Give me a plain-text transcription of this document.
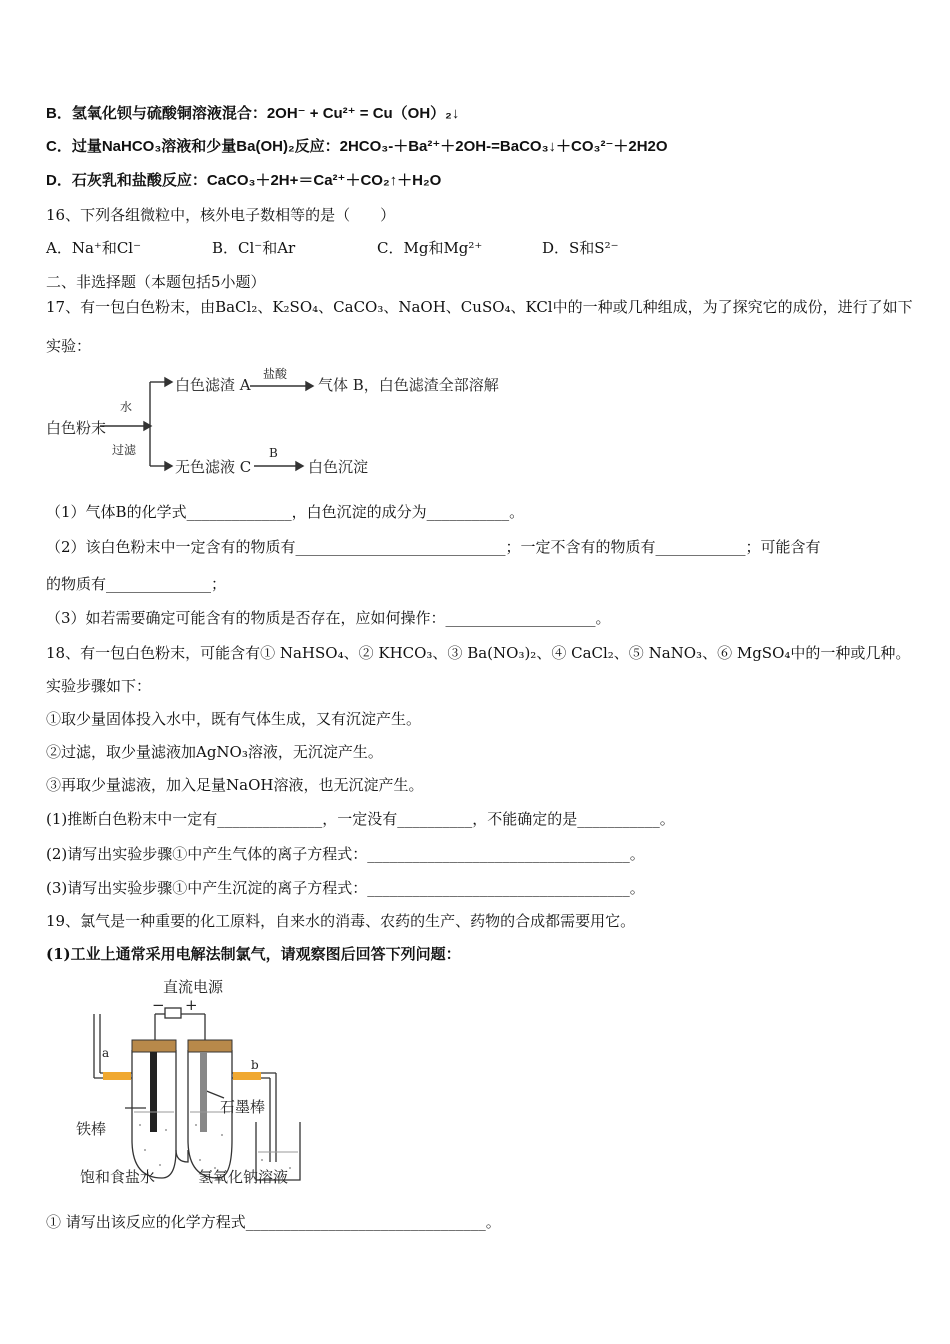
B．氢氧化钡与硫酸铜溶液混合：2OH⁻ + Cu²⁺ = Cu（OH）₂↓
C．过量NaHCO₃溶液和少量Ba(OH)₂反应：2HCO₃-＋Ba²⁺＋2OH-=BaCO₃↓＋CO₃²⁻＋2H2O
D．石灰乳和盐酸反应：CaCO₃＋2H+＝Ca²⁺＋CO₂↑＋H₂O
16、下列各组微粒中，核外电子数相等的是（　　）
A．Na⁺和Cl⁻	B．Cl⁻和Ar	C．Mg和Mg²⁺	D．S和S²⁻
二、非选择题（本题包括5小题）
17、有一包白色粉末，由BaCl₂、K₂SO₄、CaCO₃、NaOH、CuSO₄、KCl中的一种或几种组成，为了探究它的成份，进行了如下
实验：
白色粉末
水
过滤
白色滤渣 A
盐酸
气体 B，白色滤渣全部溶解
无色滤液 C
B
白色沉淀
（1）气体B的化学式______________，白色沉淀的成分为___________。
（2）该白色粉末中一定含有的物质有____________________________；一定不含有的物质有____________；可能含有
的物质有______________；
（3）如若需要确定可能含有的物质是否存在，应如何操作：____________________。
18、有一包白色粉末，可能含有① NaHSO₄、② KHCO₃、③ Ba(NO₃)₂、④ CaCl₂、⑤ NaNO₃、⑥ MgSO₄中的一种或几种。
实验步骤如下：
①取少量固体投入水中，既有气体生成，又有沉淀产生。
②过滤，取少量滤液加AgNO₃溶液，无沉淀产生。
③再取少量滤液，加入足量NaOH溶液，也无沉淀产生。
(1)推断白色粉末中一定有______________，一定没有__________，不能确定的是___________。
(2)请写出实验步骤①中产生气体的离子方程式：___________________________________。
(3)请写出实验步骤①中产生沉淀的离子方程式：___________________________________。
19、氯气是一种重要的化工原料，自来水的消毒、农药的生产、药物的合成都需要用它。
(1)工业上通常采用电解法制氯气，请观察图后回答下列问题：
直流电源
− +
a
b
铁棒
石墨棒
饱和食盐水	氢氧化钠溶液
① 请写出该反应的化学方程式________________________________。
